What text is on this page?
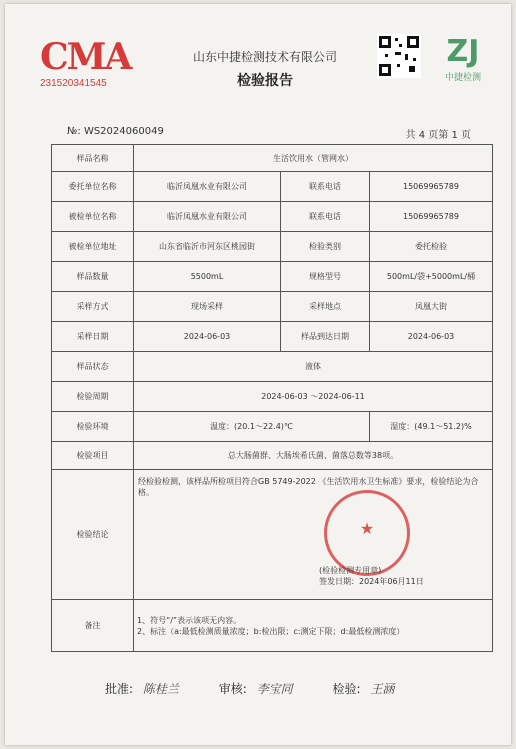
CMA
231520341545
山东中捷检测技术有限公司
检验报告
ZJ
中捷检测
№: WS2024060049	共 4 页第 1 页
样品名称	生活饮用水（管网水）		
委托单位名称	临沂凤凰水业有限公司	联系电话	15069965789
被检单位名称	临沂凤凰水业有限公司	联系电话	15069965789
被检单位地址	山东省临沂市河东区桃园街	检验类别	委托检验
样品数量	5500mL	规格型号	500mL/袋+5000mL/桶
采样方式	现场采样	采样地点	凤凰大街
采样日期	2024-06-03	样品到达日期	2024-06-03
样品状态	液体		
检验周期	2024-06-03 ～2024-06-11		
检验环境	温度：(20.1～22.4)℃		湿度：(49.1～51.2)%
检验项目	总大肠菌群、大肠埃希氏菌、菌落总数等38项。		
检验结论	经检验检测，该样品所检项目符合GB 5749-2022 《生活饮用水卫生标准》要求，检验结论为合格。
★
(检验检测专用章)
签发日期：2024年06月11日		

备注	1、符号“/”表示该项无内容。
2、标注（a:最低检测质量浓度；b:检出限；c:测定下限；d:最低检测浓度）		
批准: 陈桂兰	审核: 李宝同	检验: 王涵
